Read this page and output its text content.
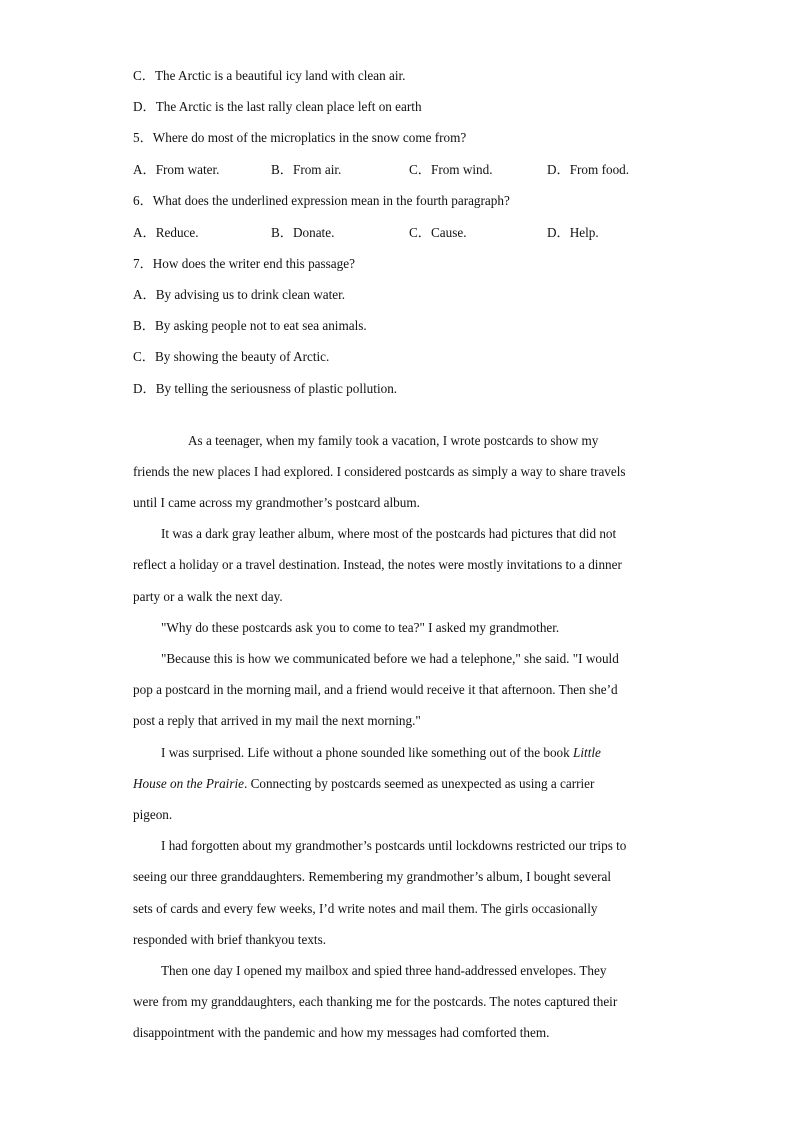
C．The Arctic is a beautiful icy land with clean air.
D．The Arctic is the last rally clean place left on earth
5．Where do most of the microplatics in the snow come from?
A．From water.	B．From air.	C．From wind.	D．From food.
6．What does the underlined expression mean in the fourth paragraph?
A．Reduce.	B．Donate.	C．Cause.	D．Help.
7．How does the writer end this passage?
A．By advising us to drink clean water.
B．By asking people not to eat sea animals.
C．By showing the beauty of Arctic.
D．By telling the seriousness of plastic pollution.
As a teenager, when my family took a vacation, I wrote postcards to show my
friends the new places I had explored. I considered postcards as simply a way to share travels
until I came across my grandmother’s postcard album.
It was a dark gray leather album, where most of the postcards had pictures that did not
reflect a holiday or a travel destination. Instead, the notes were mostly invitations to a dinner
party or a walk the next day.
"Why do these postcards ask you to come to tea?" I asked my grandmother.
"Because this is how we communicated before we had a telephone," she said. "I would
pop a postcard in the morning mail, and a friend would receive it that afternoon. Then she’d
post a reply that arrived in my mail the next morning."
I was surprised. Life without a phone sounded like something out of the book Little
House on the Prairie. Connecting by postcards seemed as unexpected as using a carrier
pigeon.
I had forgotten about my grandmother’s postcards until lockdowns restricted our trips to
seeing our three granddaughters. Remembering my grandmother’s album, I bought several
sets of cards and every few weeks, I’d write notes and mail them. The girls occasionally
responded with brief thankyou texts.
Then one day I opened my mailbox and spied three hand-addressed envelopes. They
were from my granddaughters, each thanking me for the postcards. The notes captured their
disappointment with the pandemic and how my messages had comforted them.
